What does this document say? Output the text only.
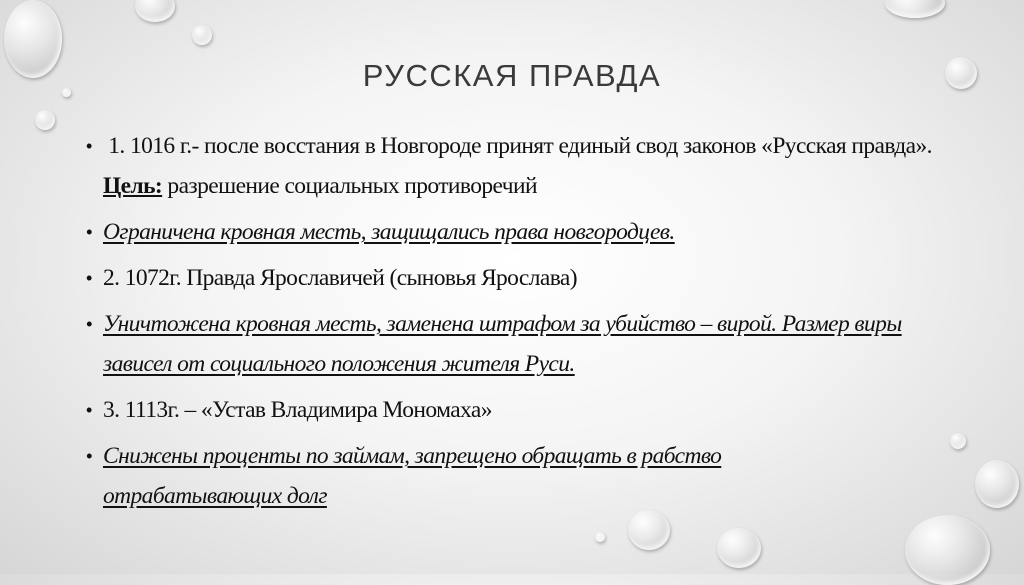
РУССКАЯ ПРАВДА
• 1. 1016 г.- после восстания в Новгороде принят единый свод законов «Русская правда». Цель: разрешение социальных противоречий
• Ограничена кровная месть, защищались права новгородцев.
• 2. 1072г. Правда Ярославичей (сыновья Ярослава)
• Уничтожена кровная месть, заменена штрафом за убийство – вирой. Размер виры зависел от социального положения жителя Руси.
• 3. 1113г. – «Устав Владимира Мономаха»
• Снижены проценты по займам, запрещено обращать в рабство отрабатывающих долг
